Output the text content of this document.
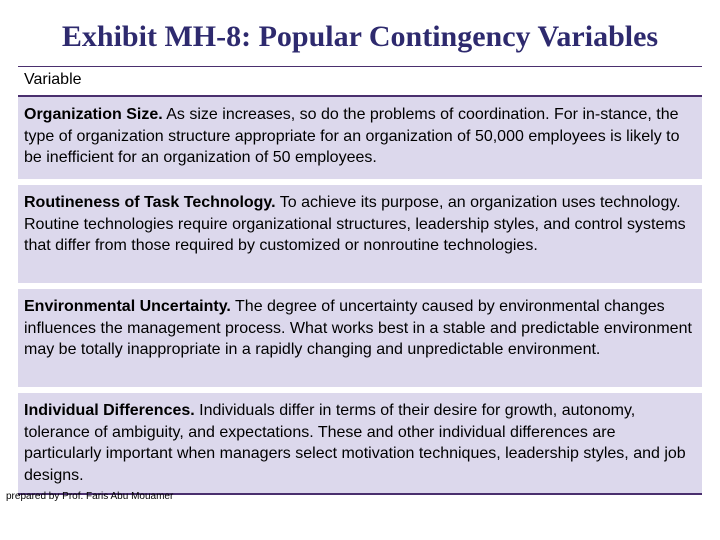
Exhibit MH-8: Popular Contingency Variables
Variable
Organization Size. As size increases, so do the problems of coordination. For in-stance, the type of organization structure appropriate for an organization of 50,000 employees is likely to be inefficient for an organization of 50 employees.
Routineness of Task Technology. To achieve its purpose, an organization uses technology. Routine technologies require organizational structures, leadership styles, and control systems that differ from those required by customized or nonroutine technologies.
Environmental Uncertainty. The degree of uncertainty caused by environmental changes influences the management process. What works best in a stable and predictable environment may be totally inappropriate in a rapidly changing and unpredictable environment.
Individual Differences. Individuals differ in terms of their desire for growth, autonomy, tolerance of ambiguity, and expectations. These and other individual differences are particularly important when managers select motivation techniques, leadership styles, and job designs.
prepared by Prof. Faris Abu Mouamer
